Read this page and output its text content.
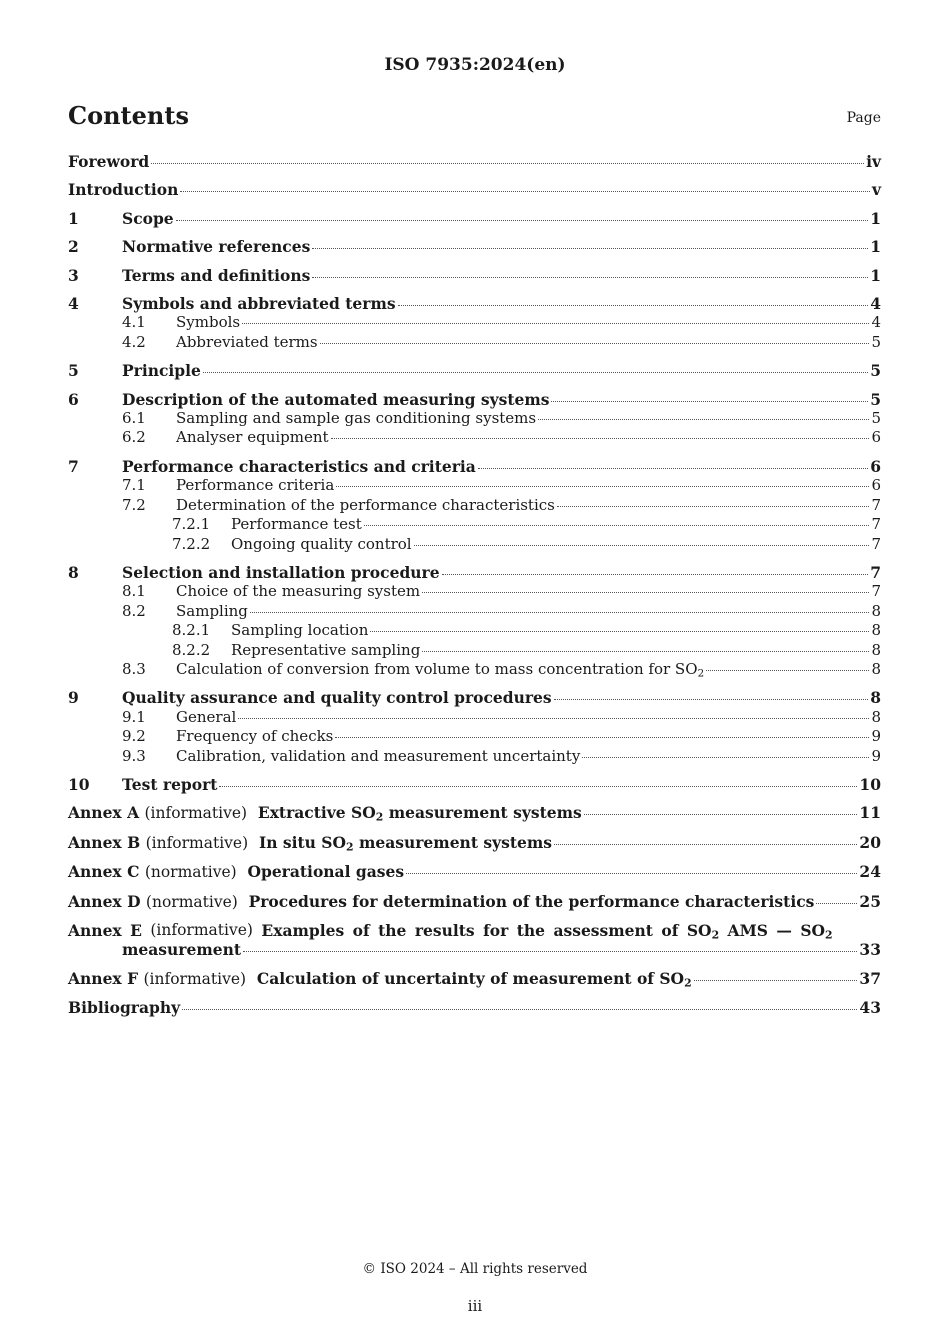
ISO 7935:2024(en)
Contents	Page
Foreword	iv
Introduction	v
1	Scope	1
2	Normative references	1
3	Terms and definitions	1
4	Symbols and abbreviated terms	4
4.1	Symbols	4
4.2	Abbreviated terms	5
5	Principle	5
6	Description of the automated measuring systems	5
6.1	Sampling and sample gas conditioning systems	5
6.2	Analyser equipment	6
7	Performance characteristics and criteria	6
7.1	Performance criteria	6
7.2	Determination of the performance characteristics	7
7.2.1	Performance test	7
7.2.2	Ongoing quality control	7
8	Selection and installation procedure	7
8.1	Choice of the measuring system	7
8.2	Sampling	8
8.2.1	Sampling location	8
8.2.2	Representative sampling	8
8.3	Calculation of conversion from volume to mass concentration for $SO_2$	8
9	Quality assurance and quality control procedures	8
9.1	General	8
9.2	Frequency of checks	9
9.3	Calibration, validation and measurement uncertainty	9
10	Test report	10
Annex A (informative) Extractive $SO_2$ measurement systems	11
Annex B (informative) In situ $SO_2$ measurement systems	20
Annex C (normative) Operational gases	24
Annex D (normative) Procedures for determination of the performance characteristics	25
Annex E (informative) Examples of the results for the assessment of $SO_2$ AMS — $SO_2$
measurement	33
Annex F (informative) Calculation of uncertainty of measurement of $SO_2$	37
Bibliography	43
© ISO 2024 – All rights reserved
iii
